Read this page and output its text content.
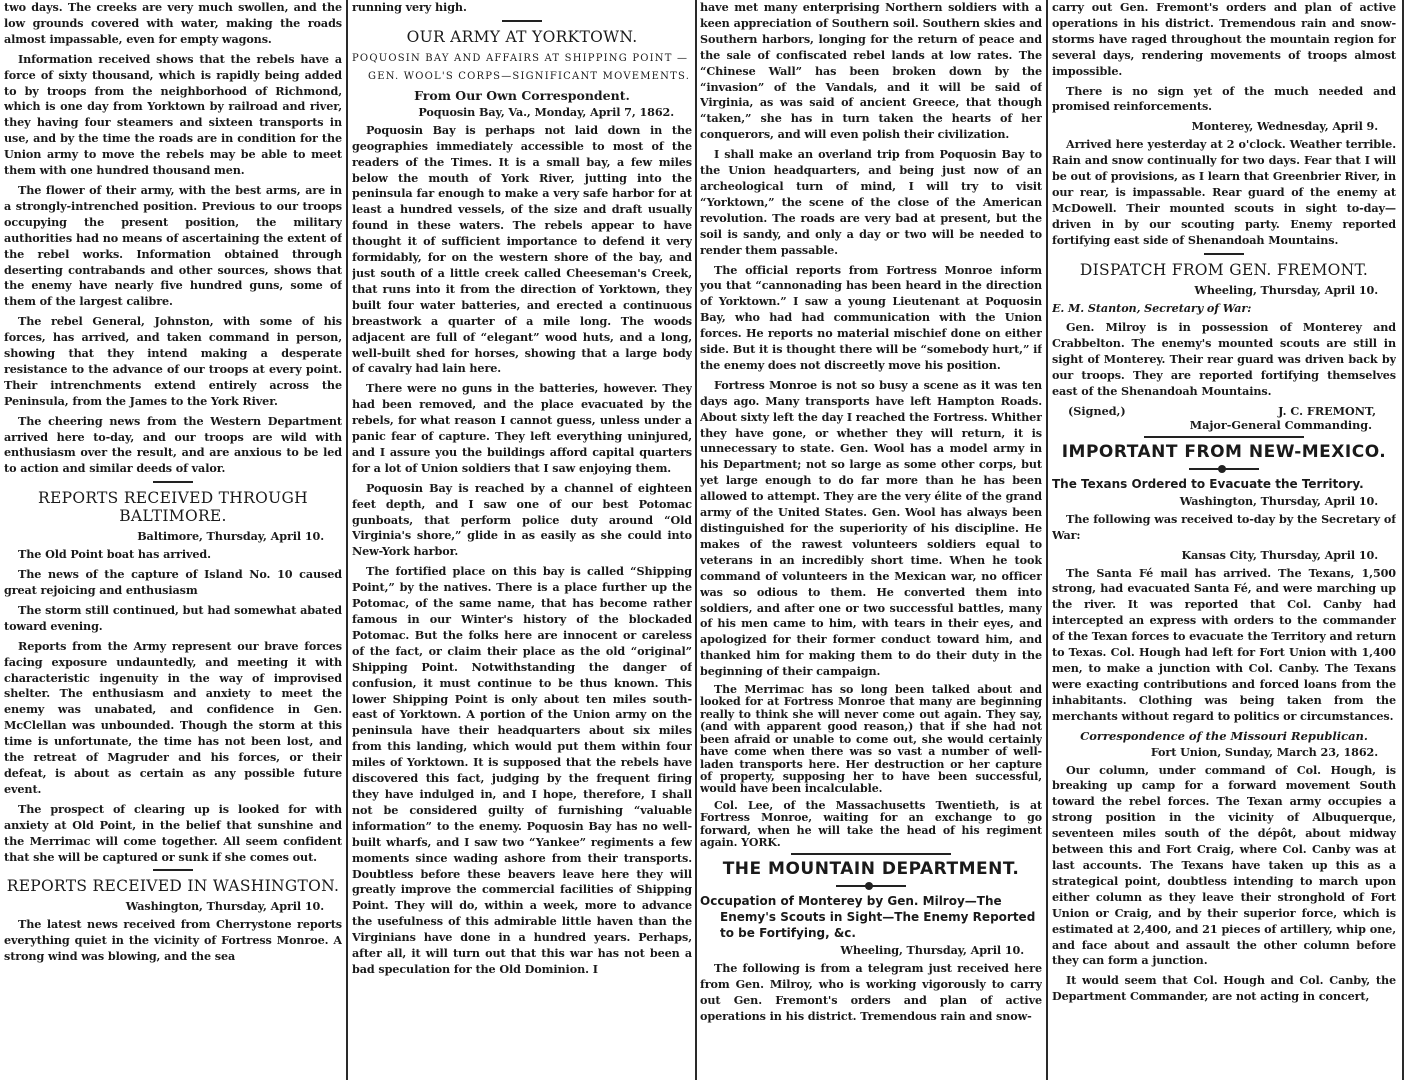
two days. The creeks are very much swollen, and the low grounds covered with water, making the roads almost impassable, even for empty wagons.

Information received shows that the rebels have a force of sixty thousand, which is rapidly being added to by troops from the neighborhood of Richmond, which is one day from Yorktown by railroad and river, they having four steamers and sixteen transports in use, and by the time the roads are in condition for the Union army to move the rebels may be able to meet them with one hundred thousand men.

The flower of their army, with the best arms, are in a strongly-intrenched position. Previous to our troops occupying the present position, the military authorities had no means of ascertaining the extent of the rebel works. Information obtained through deserting contrabands and other sources, shows that the enemy have nearly five hundred guns, some of them of the largest calibre.

The rebel General, Johnston, with some of his forces, has arrived, and taken command in person, showing that they intend making a desperate resistance to the advance of our troops at every point. Their intrenchments extend entirely across the Peninsula, from the James to the York River.

The cheering news from the Western Department arrived here to-day, and our troops are wild with enthusiasm over the result, and are anxious to be led to action and similar deeds of valor.

REPORTS RECEIVED THROUGH BALTIMORE.

Baltimore, Thursday, April 10.

The Old Point boat has arrived.

The news of the capture of Island No. 10 caused great rejoicing and enthusiasm

The storm still continued, but had somewhat abated toward evening.

Reports from the Army represent our brave forces facing exposure undauntedly, and meeting it with characteristic ingenuity in the way of improvised shelter. The enthusiasm and anxiety to meet the enemy was unabated, and confidence in Gen. McClellan was unbounded. Though the storm at this time is unfortunate, the time has not been lost, and the retreat of Magruder and his forces, or their defeat, is about as certain as any possible future event.

The prospect of clearing up is looked for with anxiety at Old Point, in the belief that sunshine and the Merrimac will come together. All seem confident that she will be captured or sunk if she comes out.

REPORTS RECEIVED IN WASHINGTON.

Washington, Thursday, April 10.

The latest news received from Cherrystone reports everything quiet in the vicinity of Fortress Monroe. A strong wind was blowing, and the sea

running very high.

OUR ARMY AT YORKTOWN.
POQUOSIN BAY AND AFFAIRS AT SHIPPING POINT —GEN. WOOL'S CORPS—SIGNIFICANT MOVEMENTS.
From Our Own Correspondent.

Poquosin Bay, Va., Monday, April 7, 1862.

Poquosin Bay is perhaps not laid down in the geographies immediately accessible to most of the readers of the Times. It is a small bay, a few miles below the mouth of York River, jutting into the peninsula far enough to make a very safe harbor for at least a hundred vessels, of the size and draft usually found in these waters. The rebels appear to have thought it of sufficient importance to defend it very formidably, for on the western shore of the bay, and just south of a little creek called Cheeseman's Creek, that runs into it from the direction of Yorktown, they built four water batteries, and erected a continuous breastwork a quarter of a mile long. The woods adjacent are full of “elegant” wood huts, and a long, well-built shed for horses, showing that a large body of cavalry had lain here.

There were no guns in the batteries, however. They had been removed, and the place evacuated by the rebels, for what reason I cannot guess, unless under a panic fear of capture. They left everything uninjured, and I assure you the buildings afford capital quarters for a lot of Union soldiers that I saw enjoying them.

Poquosin Bay is reached by a channel of eighteen feet depth, and I saw one of our best Potomac gunboats, that perform police duty around “Old Virginia's shore,” glide in as easily as she could into New-York harbor.

The fortified place on this bay is called “Shipping Point,” by the natives. There is a place further up the Potomac, of the same name, that has become rather famous in our Winter's history of the blockaded Potomac. But the folks here are innocent or careless of the fact, or claim their place as the old “original” Shipping Point. Notwithstanding the danger of confusion, it must continue to be thus known. This lower Shipping Point is only about ten miles south-east of Yorktown. A portion of the Union army on the peninsula have their headquarters about six miles from this landing, which would put them within four miles of Yorktown. It is supposed that the rebels have discovered this fact, judging by the frequent firing they have indulged in, and I hope, therefore, I shall not be considered guilty of furnishing “valuable information” to the enemy. Poquosin Bay has no well-built wharfs, and I saw two “Yankee” regiments a few moments since wading ashore from their transports. Doubtless before these beavers leave here they will greatly improve the commercial facilities of Shipping Point. They will do, within a week, more to advance the usefulness of this admirable little haven than the Virginians have done in a hundred years. Perhaps, after all, it will turn out that this war has not been a bad speculation for the Old Dominion. I

have met many enterprising Northern soldiers with a keen appreciation of Southern soil. Southern skies and Southern harbors, longing for the return of peace and the sale of confiscated rebel lands at low rates. The “Chinese Wall” has been broken down by the “invasion” of the Vandals, and it will be said of Virginia, as was said of ancient Greece, that though “taken,” she has in turn taken the hearts of her conquerors, and will even polish their civilization.

I shall make an overland trip from Poquosin Bay to the Union headquarters, and being just now of an archeological turn of mind, I will try to visit “Yorktown,” the scene of the close of the American revolution. The roads are very bad at present, but the soil is sandy, and only a day or two will be needed to render them passable.

The official reports from Fortress Monroe inform you that “cannonading has been heard in the direction of Yorktown.” I saw a young Lieutenant at Poquosin Bay, who had had communication with the Union forces. He reports no material mischief done on either side. But it is thought there will be “somebody hurt,” if the enemy does not discreetly move his position.

Fortress Monroe is not so busy a scene as it was ten days ago. Many transports have left Hampton Roads. About sixty left the day I reached the Fortress. Whither they have gone, or whether they will return, it is unnecessary to state. Gen. Wool has a model army in his Department; not so large as some other corps, but yet large enough to do far more than he has been allowed to attempt. They are the very élite of the grand army of the United States. Gen. Wool has always been distinguished for the superiority of his discipline. He makes of the rawest volunteers soldiers equal to veterans in an incredibly short time. When he took command of volunteers in the Mexican war, no officer was so odious to them. He converted them into soldiers, and after one or two successful battles, many of his men came to him, with tears in their eyes, and apologized for their former conduct toward him, and thanked him for making them to do their duty in the beginning of their campaign.

The Merrimac has so long been talked about and looked for at Fortress Monroe that many are beginning really to think she will never come out again. They say, (and with apparent good reason,) that if she had not been afraid or unable to come out, she would certainly have come when there was so vast a number of well-laden transports here. Her destruction or her capture of property, supposing her to have been successful, would have been incalculable.

Col. Lee, of the Massachusetts Twentieth, is at Fortress Monroe, waiting for an exchange to go forward, when he will take the head of his regiment again. YORK.

THE MOUNTAIN DEPARTMENT.
Occupation of Monterey by Gen. Milroy—The Enemy's Scouts in Sight—The Enemy Reported to be Fortifying, &c.

Wheeling, Thursday, April 10.

The following is from a telegram just received here from Gen. Milroy, who is working vigorously to carry out Gen. Fremont's orders and plan of active operations in his district. Tremendous rain and snow-

carry out Gen. Fremont's orders and plan of active operations in his district. Tremendous rain and snow-storms have raged throughout the mountain region for several days, rendering movements of troops almost impossible.

There is no sign yet of the much needed and promised reinforcements.

Monterey, Wednesday, April 9.

Arrived here yesterday at 2 o'clock. Weather terrible. Rain and snow continually for two days. Fear that I will be out of provisions, as I learn that Greenbrier River, in our rear, is impassable. Rear guard of the enemy at McDowell. Their mounted scouts in sight to-day—driven in by our scouting party. Enemy reported fortifying east side of Shenandoah Mountains.

DISPATCH FROM GEN. FREMONT.

Wheeling, Thursday, April 10.

E. M. Stanton, Secretary of War:

Gen. Milroy is in possession of Monterey and Crabbelton. The enemy's mounted scouts are still in sight of Monterey. Their rear guard was driven back by our troops. They are reported fortifying themselves east of the Shenandoah Mountains.

(Signed,)	J. C. FREMONT,
Major-General Commanding.
IMPORTANT FROM NEW-MEXICO.
The Texans Ordered to Evacuate the Territory.

Washington, Thursday, April 10.

The following was received to-day by the Secretary of War:

Kansas City, Thursday, April 10.

The Santa Fé mail has arrived. The Texans, 1,500 strong, had evacuated Santa Fé, and were marching up the river. It was reported that Col. Canby had intercepted an express with orders to the commander of the Texan forces to evacuate the Territory and return to Texas. Col. Hough had left for Fort Union with 1,400 men, to make a junction with Col. Canby. The Texans were exacting contributions and forced loans from the inhabitants. Clothing was being taken from the merchants without regard to politics or circumstances.

Correspondence of the Missouri Republican.

Fort Union, Sunday, March 23, 1862.

Our column, under command of Col. Hough, is breaking up camp for a forward movement South toward the rebel forces. The Texan army occupies a strong position in the vicinity of Albuquerque, seventeen miles south of the dépôt, about midway between this and Fort Craig, where Col. Canby was at last accounts. The Texans have taken up this as a strategical point, doubtless intending to march upon either column as they leave their stronghold of Fort Union or Craig, and by their superior force, which is estimated at 2,400, and 21 pieces of artillery, whip one, and face about and assault the other column before they can form a junction.

It would seem that Col. Hough and Col. Canby, the Department Commander, are not acting in concert,
